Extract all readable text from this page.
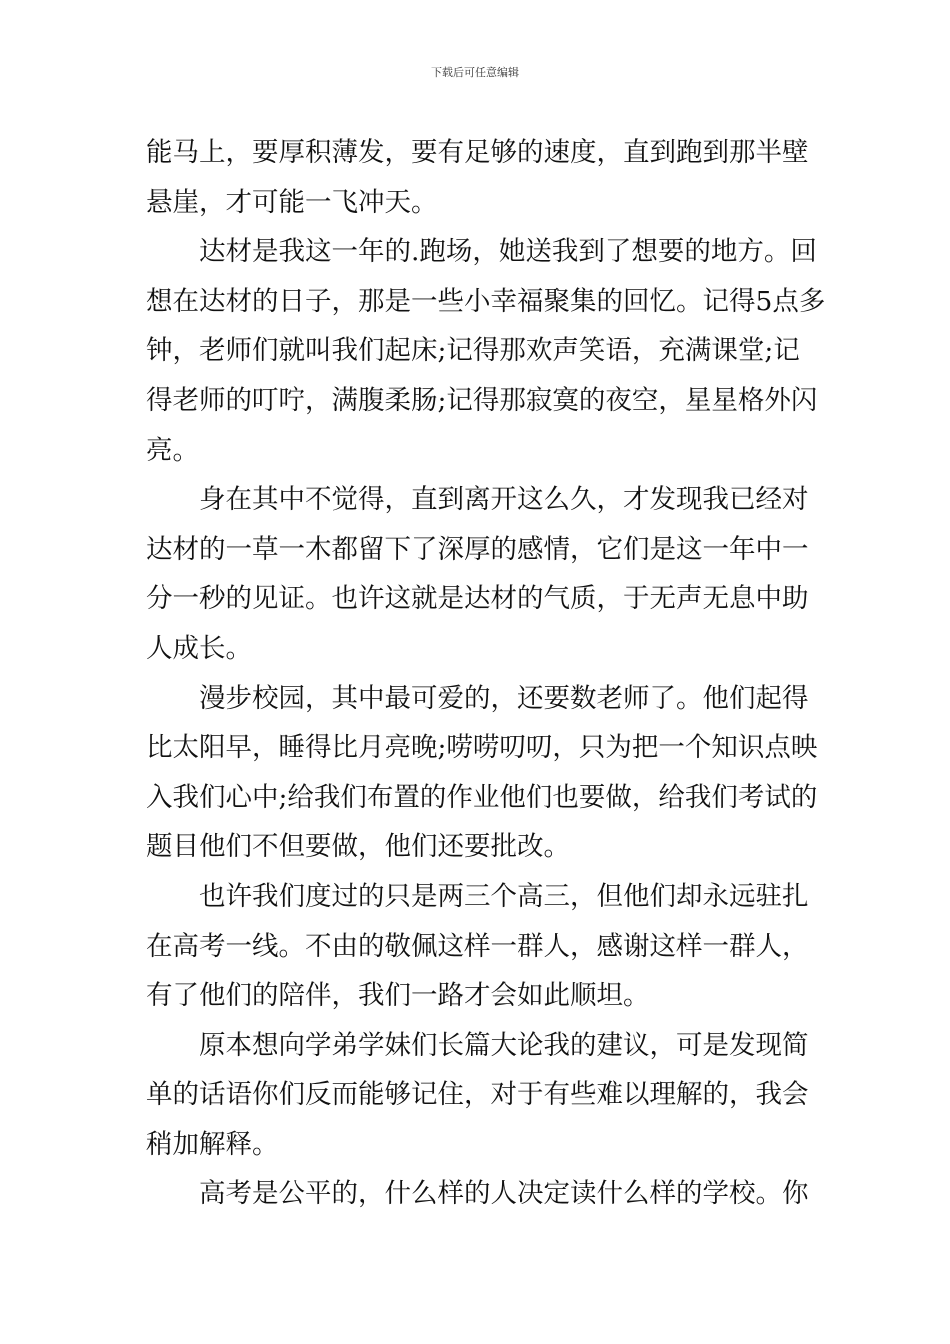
下载后可任意编辑
能马上，要厚积薄发，要有足够的速度，直到跑到那半壁
悬崖，才可能一飞冲天。
　　达材是我这一年的.跑场，她送我到了想要的地方。回
想在达材的日子，那是一些小幸福聚集的回忆。记得5点多
钟，老师们就叫我们起床;记得那欢声笑语，充满课堂;记
得老师的叮咛，满腹柔肠;记得那寂寞的夜空，星星格外闪
亮。
　　身在其中不觉得，直到离开这么久，才发现我已经对
达材的一草一木都留下了深厚的感情，它们是这一年中一
分一秒的见证。也许这就是达材的气质，于无声无息中助
人成长。
　　漫步校园，其中最可爱的，还要数老师了。他们起得
比太阳早，睡得比月亮晚;唠唠叨叨，只为把一个知识点映
入我们心中;给我们布置的作业他们也要做，给我们考试的
题目他们不但要做，他们还要批改。
　　也许我们度过的只是两三个高三，但他们却永远驻扎
在高考一线。不由的敬佩这样一群人，感谢这样一群人，
有了他们的陪伴，我们一路才会如此顺坦。
　　原本想向学弟学妹们长篇大论我的建议，可是发现简
单的话语你们反而能够记住，对于有些难以理解的，我会
稍加解释。
　　高考是公平的，什么样的人决定读什么样的学校。你
